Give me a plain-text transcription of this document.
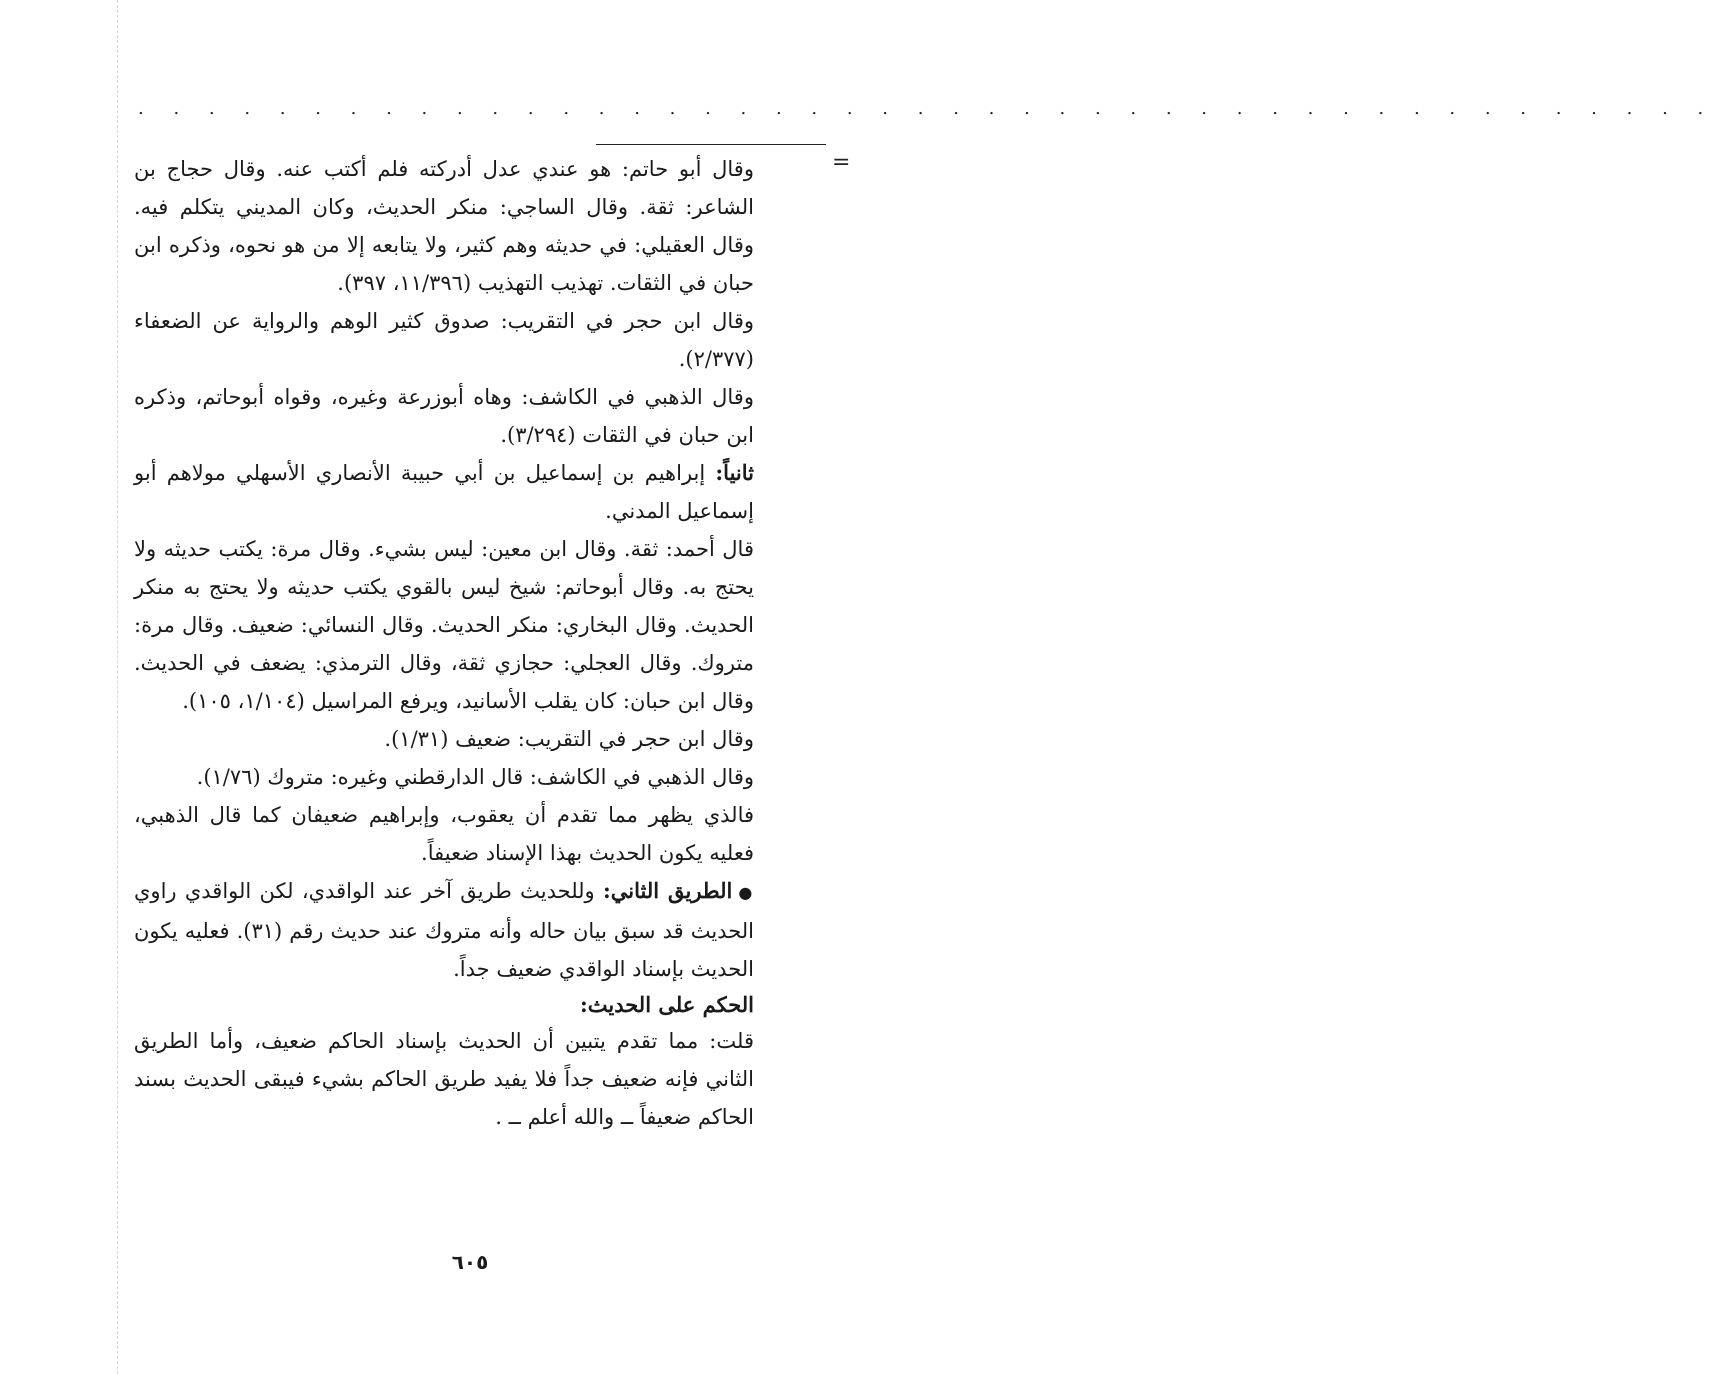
. . . . . . . . . . . . . . . . . . . . . . . . . . . . . . . . . . . . . . . . . . . . .
=

وقال أبو حاتم: هو عندي عدل أدركته فلم أكتب عنه. وقال حجاج بن الشاعر: ثقة. وقال الساجي: منكر الحديث، وكان المديني يتكلم فيه. وقال العقيلي: في حديثه وهم كثير، ولا يتابعه إلا من هو نحوه، وذكره ابن حبان في الثقات. تهذيب التهذيب (١١/٣٩٦، ٣٩٧).

وقال ابن حجر في التقريب: صدوق كثير الوهم والرواية عن الضعفاء (٢/٣٧٧).

وقال الذهبي في الكاشف: وهاه أبوزرعة وغيره، وقواه أبوحاتم، وذكره ابن حبان في الثقات (٣/٢٩٤).

ثانياً: إبراهيم بن إسماعيل بن أبي حبيبة الأنصاري الأسهلي مولاهم أبو إسماعيل المدني.

قال أحمد: ثقة. وقال ابن معين: ليس بشيء. وقال مرة: يكتب حديثه ولا يحتج به. وقال أبوحاتم: شيخ ليس بالقوي يكتب حديثه ولا يحتج به منكر الحديث. وقال البخاري: منكر الحديث. وقال النسائي: ضعيف. وقال مرة: متروك. وقال العجلي: حجازي ثقة، وقال الترمذي: يضعف في الحديث. وقال ابن حبان: كان يقلب الأسانيد، ويرفع المراسيل (١/١٠٤، ١٠٥).

وقال ابن حجر في التقريب: ضعيف (١/٣١).

وقال الذهبي في الكاشف: قال الدارقطني وغيره: متروك (١/٧٦).

فالذي يظهر مما تقدم أن يعقوب، وإبراهيم ضعيفان كما قال الذهبي، فعليه يكون الحديث بهذا الإسناد ضعيفاً.

●الطريق الثاني: وللحديث طريق آخر عند الواقدي، لكن الواقدي راوي الحديث قد سبق بيان حاله وأنه متروك عند حديث رقم (٣١). فعليه يكون الحديث بإسناد الواقدي ضعيف جداً.

الحكم على الحديث:

قلت: مما تقدم يتبين أن الحديث بإسناد الحاكم ضعيف، وأما الطريق الثاني فإنه ضعيف جداً فلا يفيد طريق الحاكم بشيء فيبقى الحديث بسند الحاكم ضعيفاً ــ والله أعلم ــ .

٦٠٥
